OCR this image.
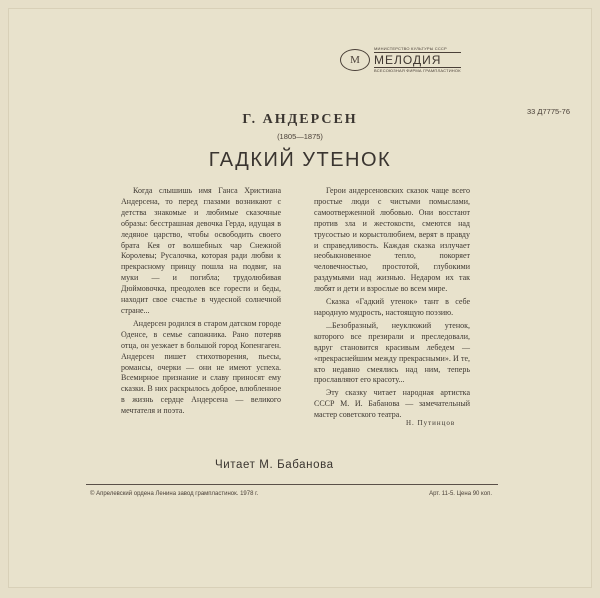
М
МИНИСТЕРСТВО КУЛЬТУРЫ СССР
МЕЛОДИЯ
ВСЕСОЮЗНАЯ ФИРМА ГРАМПЛАСТИНОК
33 Д7775-76
Г. АНДЕРСЕН
(1805—1875)
ГАДКИЙ УТЕНОК

Когда слышишь имя Ганса Христиана Андерсена, то перед глазами возникают с детства знакомые и любимые сказочные образы: бесстрашная девочка Герда, идущая в ледяное царство, чтобы освободить своего брата Кея от волшебных чар Снежной Королевы; Русалочка, которая ради любви к прекрасному принцу пошла на подвиг, на муки — и погибла; трудолюбивая Дюймовочка, преодолев все горести и беды, находит свое счастье в чудесной солнечной стране...

Андерсен родился в старом датском городе Оденсе, в семье сапожника. Рано потеряв отца, он уезжает в большой город Копенгаген. Андерсен пишет стихотворения, пьесы, романсы, очерки — они не имеют успеха. Всемирное признание и славу приносят ему сказки. В них раскрылось доброе, влюбленное в жизнь сердце Андерсена — великого мечтателя и поэта.

Герои андерсеновских сказок чаще всего простые люди с чистыми помыслами, самоотверженной любовью. Они восстают против зла и жестокости, смеются над трусостью и корыстолюбием, верят в правду и справедливость. Каждая сказка излучает необыкновенное тепло, покоряет человечностью, простотой, глубокими раздумьями над жизнью. Недаром их так любят и дети и взрослые во всем мире.

Сказка «Гадкий утенок» тант в себе народную мудрость, настоящую поэзию.

...Безобразный, неуклюжий утенок, которого все презирали и преследовали, вдруг становится красивым лебедем — «прекраснейшим между прекрасными». И те, кто недавно смеялись над ним, теперь прославляют его красоту...

Эту сказку читает народная артистка СССР М. И. Бабанова — замечательный мастер советского театра.

Н. Путинцов
Читает М. Бабанова
© Апрелевский ордена Ленина завод грампластинок. 1978 г.	Арт. 11-5. Цена 90 коп.
